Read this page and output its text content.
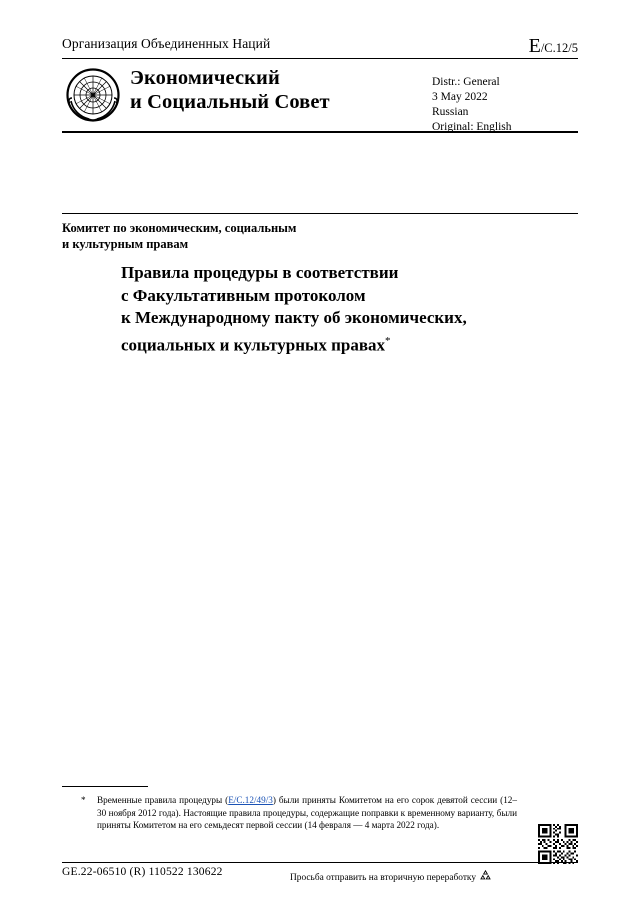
Организация Объединенных Наций	E/C.12/5
Экономический
и Социальный Совет
Distr.: General
3 May 2022
Russian
Original: English
Комитет по экономическим, социальным
и культурным правам
Правила процедуры в соответствии
с Факультативным протоколом
к Международному пакту об экономических,
социальных и культурных правах*
* Временные правила процедуры (E/C.12/49/3) были приняты Комитетом на его сорок девятой сессии (12–30 ноября 2012 года). Настоящие правила процедуры, содержащие поправки к временному варианту, были приняты Комитетом на его семьдесят первой сессии (14 февраля — 4 марта 2022 года).
GE.22-06510 (R) 110522 130622	Просьба отправить на вторичную переработку
